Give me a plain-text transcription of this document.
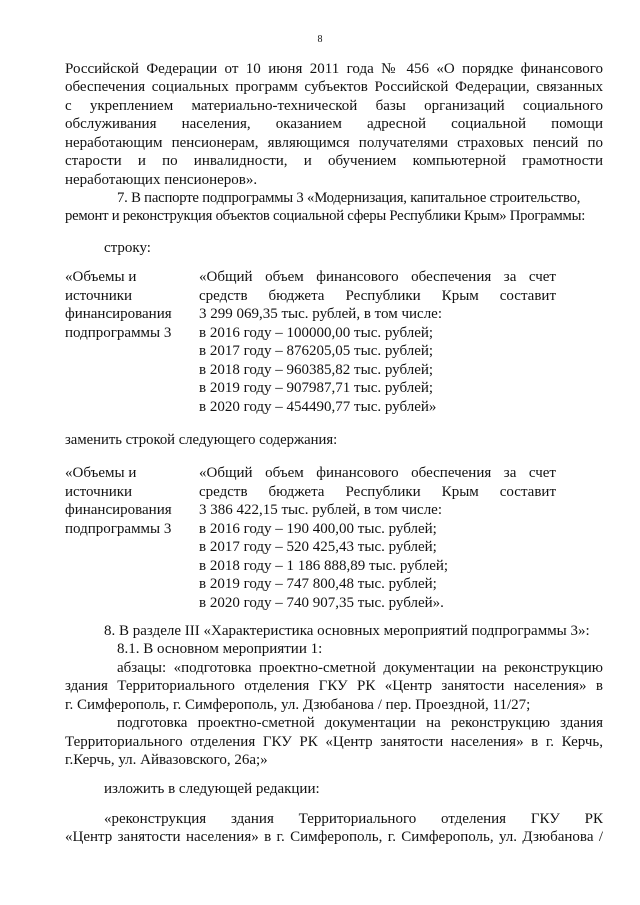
8

Российской Федерации от 10 июня 2011 года № 456 «О порядке финансового

обеспечения социальных программ субъектов Российской Федерации, связанных

с укреплением материально-технической базы организаций социального

обслуживания населения, оказанием адресной социальной помощи

неработающим пенсионерам, являющимся получателями страховых пенсий по

старости и по инвалидности, и обучением компьютерной грамотности

неработающих пенсионеров».

7. В паспорте подпрограммы 3 «Модернизация, капитальное строительство,

ремонт и реконструкция объектов социальной сферы Республики Крым» Программы:

строку:

«Объемы и
источники
финансирования
подпрограммы 3
«Общий объем финансового обеспечения за счет
средств бюджета Республики Крым составит
3 299 069,35 тыс. рублей, в том числе:
в 2016 году – 100000,00 тыс. рублей;
в 2017 году – 876205,05 тыс. рублей;
в 2018 году – 960385,82 тыс. рублей;
в 2019 году – 907987,71 тыс. рублей;
в 2020 году – 454490,77 тыс. рублей»

заменить строкой следующего содержания:

«Объемы и
источники
финансирования
подпрограммы 3
«Общий объем финансового обеспечения за счет
средств бюджета Республики Крым составит
3 386 422,15 тыс. рублей, в том числе:
в 2016 году – 190 400,00 тыс. рублей;
в 2017 году – 520 425,43 тыс. рублей;
в 2018 году – 1 186 888,89 тыс. рублей;
в 2019 году – 747 800,48 тыс. рублей;
в 2020 году – 740 907,35 тыс. рублей».

8. В разделе III «Характеристика основных мероприятий подпрограммы 3»:

8.1. В основном мероприятии 1:

абзацы: «подготовка проектно-сметной документации на реконструкцию

здания Территориального отделения ГКУ РК «Центр занятости населения» в

г. Симферополь, г. Симферополь, ул. Дзюбанова / пер. Проездной, 11/27;

подготовка проектно-сметной документации на реконструкцию здания

Территориального отделения ГКУ РК «Центр занятости населения» в г. Керчь,

г.Керчь, ул. Айвазовского, 26а;»

изложить в следующей редакции:

«реконструкция здания Территориального отделения ГКУ РК

«Центр занятости населения» в г. Симферополь, г. Симферополь, ул. Дзюбанова /
